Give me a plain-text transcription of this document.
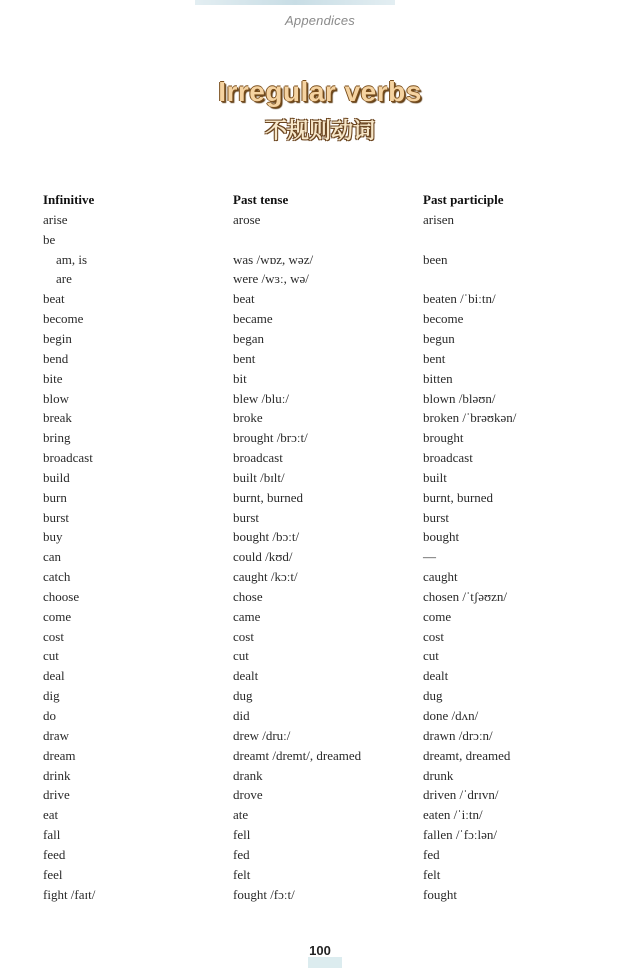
Appendices
Irregular verbs
不规则动词
Infinitive	Past tense	Past participle
arise	arose	arisen
be		
am, is	was /wɒz, wəz/	been
are	were /wɜː, wə/	
beat	beat	beaten /ˈbiːtn/
become	became	become
begin	began	begun
bend	bent	bent
bite	bit	bitten
blow	blew /bluː/	blown /bləʊn/
break	broke	broken /ˈbrəʊkən/
bring	brought /brɔːt/	brought
broadcast	broadcast	broadcast
build	built /bɪlt/	built
burn	burnt, burned	burnt, burned
burst	burst	burst
buy	bought /bɔːt/	bought
can	could /kʊd/	—
catch	caught /kɔːt/	caught
choose	chose	chosen /ˈtʃəʊzn/
come	came	come
cost	cost	cost
cut	cut	cut
deal	dealt	dealt
dig	dug	dug
do	did	done /dʌn/
draw	drew /druː/	drawn /drɔːn/
dream	dreamt /dremt/, dreamed	dreamt, dreamed
drink	drank	drunk
drive	drove	driven /ˈdrɪvn/
eat	ate	eaten /ˈiːtn/
fall	fell	fallen /ˈfɔːlən/
feed	fed	fed
feel	felt	felt
fight /faɪt/	fought /fɔːt/	fought
100
